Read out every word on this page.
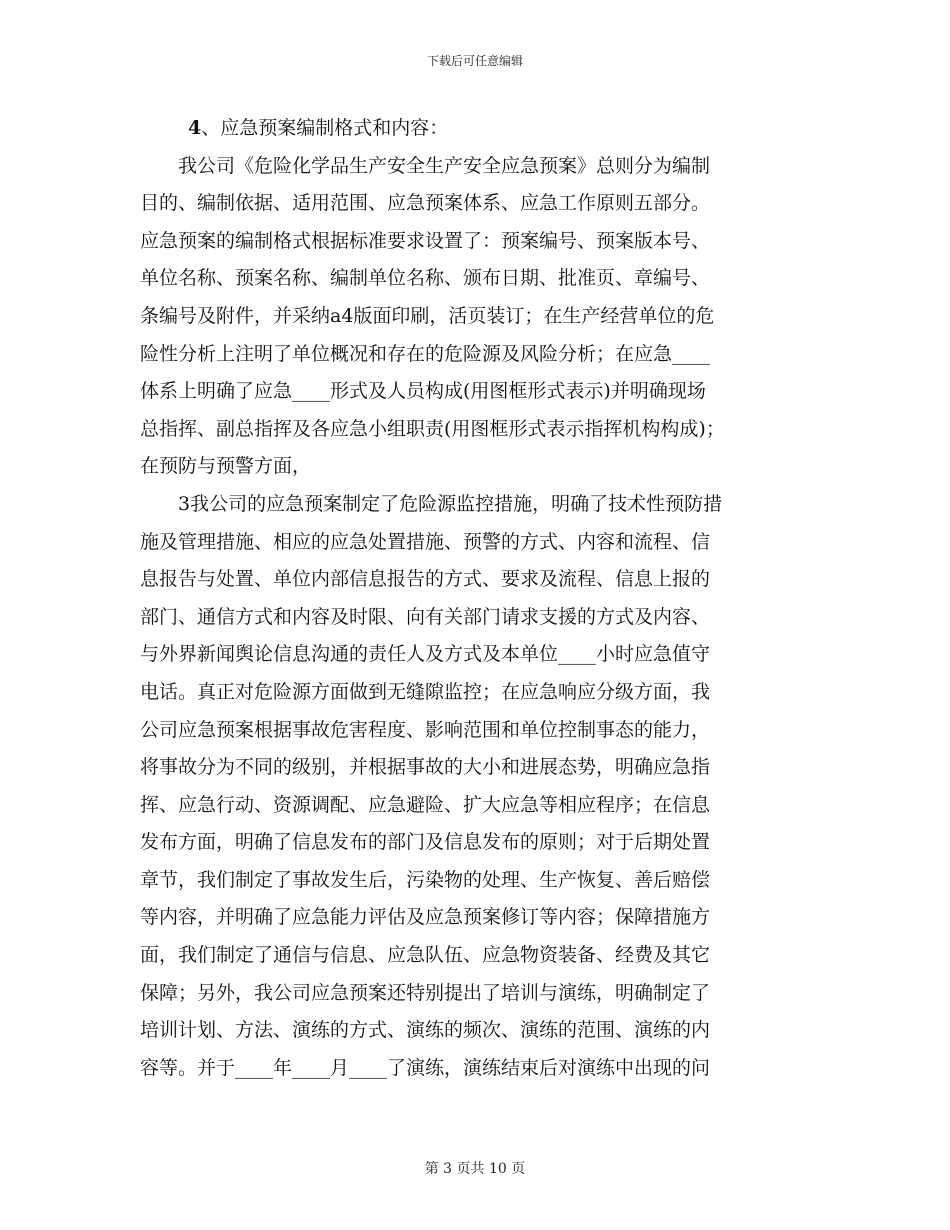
下载后可任意编辑

4、应急预案编制格式和内容：

　　我公司《危险化学品生产安全生产安全应急预案》总则分为编制
目的、编制依据、适用范围、应急预案体系、应急工作原则五部分。
应急预案的编制格式根据标准要求设置了：预案编号、预案版本号、
单位名称、预案名称、编制单位名称、颁布日期、批准页、章编号、
条编号及附件，并采纳a4版面印刷，活页装订；在生产经营单位的危
险性分析上注明了单位概况和存在的危险源及风险分析；在应急____
体系上明确了应急____形式及人员构成(用图框形式表示)并明确现场
总指挥、副总指挥及各应急小组职责(用图框形式表示指挥机构构成)；
在预防与预警方面，

　　3我公司的应急预案制定了危险源监控措施，明确了技术性预防措
施及管理措施、相应的应急处置措施、预警的方式、内容和流程、信
息报告与处置、单位内部信息报告的方式、要求及流程、信息上报的
部门、通信方式和内容及时限、向有关部门请求支援的方式及内容、
与外界新闻舆论信息沟通的责任人及方式及本单位____小时应急值守
电话。真正对危险源方面做到无缝隙监控；在应急响应分级方面，我
公司应急预案根据事故危害程度、影响范围和单位控制事态的能力，
将事故分为不同的级别，并根据事故的大小和进展态势，明确应急指
挥、应急行动、资源调配、应急避险、扩大应急等相应程序；在信息
发布方面，明确了信息发布的部门及信息发布的原则；对于后期处置
章节，我们制定了事故发生后，污染物的处理、生产恢复、善后赔偿
等内容，并明确了应急能力评估及应急预案修订等内容；保障措施方
面，我们制定了通信与信息、应急队伍、应急物资装备、经费及其它
保障；另外，我公司应急预案还特别提出了培训与演练，明确制定了
培训计划、方法、演练的方式、演练的频次、演练的范围、演练的内
容等。并于____年____月____了演练，演练结束后对演练中出现的问

第 3 页共 10 页
